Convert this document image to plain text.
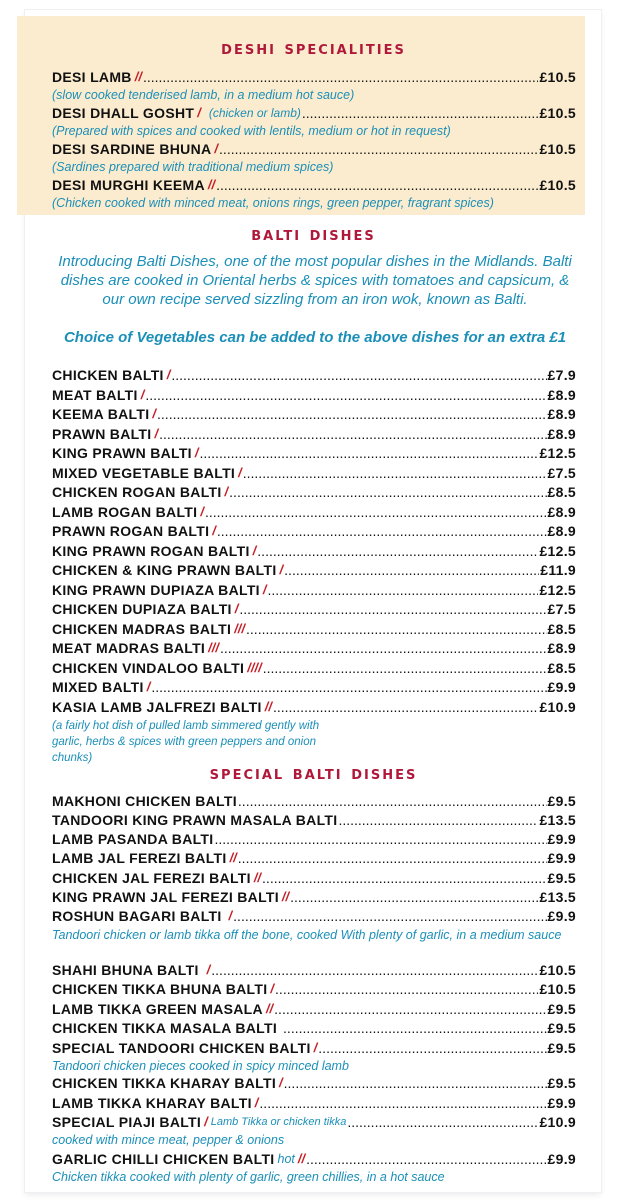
deshi specialities
DESI LAMB // .....	£10.5
(slow cooked tenderised lamb, in a medium hot sauce)
DESI DHALL GOSHT / (chicken or lamb) .....	£10.5
(Prepared with spices and cooked with lentils, medium or hot in request)
DESI SARDINE BHUNA / .....	£10.5
(Sardines prepared with traditional medium spices)
DESI MURGHI KEEMA // .....	£10.5
(Chicken cooked with minced meat, onions rings, green pepper, fragrant spices)
balti dishes
Introducing Balti Dishes, one of the most popular dishes in the Midlands. Balti dishes are cooked in Oriental herbs & spices with tomatoes and capsicum, & our own recipe served sizzling from an iron wok, known as Balti.
Choice of Vegetables can be added to the above dishes for an extra £1
CHICKEN BALTI / .....	£7.9
MEAT BALTI / .....	£8.9
KEEMA BALTI / .....	£8.9
PRAWN BALTI / .....	£8.9
KING PRAWN BALTI / .....	£12.5
MIXED VEGETABLE BALTI / .....	£7.5
CHICKEN ROGAN BALTI / .....	£8.5
LAMB ROGAN BALTI / .....	£8.9
PRAWN ROGAN BALTI / .....	£8.9
KING PRAWN ROGAN BALTI / .....	£12.5
CHICKEN & KING PRAWN BALTI / .....	£11.9
KING PRAWN DUPIAZA BALTI / .....	£12.5
CHICKEN DUPIAZA BALTI / .....	£7.5
CHICKEN MADRAS BALTI /// .....	£8.5
MEAT MADRAS BALTI /// .....	£8.9
CHICKEN VINDALOO BALTI //// .....	£8.5
MIXED BALTI / .....	£9.9
KASIA LAMB JALFREZI BALTI // .....	£10.9
(a fairly hot dish of pulled lamb simmered gently with garlic, herbs & spices with green peppers and onion chunks)
special balti dishes
MAKHONI CHICKEN BALTI .....	£9.5
TANDOORI KING PRAWN MASALA BALTI .....	£13.5
LAMB PASANDA BALTI .....	£9.9
LAMB JAL FEREZI BALTI // .....	£9.9
CHICKEN JAL FEREZI BALTI // .....	£9.5
KING PRAWN JAL FEREZI BALTI // .....	£13.5
ROSHUN BAGARI BALTI / .....	£9.9
Tandoori chicken or lamb tikka off the bone, cooked With plenty of garlic, in a medium sauce
SHAHI BHUNA BALTI / .....	£10.5
CHICKEN TIKKA BHUNA BALTI / .....	£10.5
LAMB TIKKA GREEN MASALA // .....	£9.5
CHICKEN TIKKA MASALA BALTI .....	£9.5
SPECIAL TANDOORI CHICKEN BALTI / .....	£9.5
Tandoori chicken pieces cooked in spicy minced lamb
CHICKEN TIKKA KHARAY BALTI / .....	£9.5
LAMB TIKKA KHARAY BALTI / .....	£9.9
SPECIAL PIAJI BALTI / Lamb Tikka or chicken tikka .....	£10.9
cooked with mince meat, pepper & onions
GARLIC CHILLI CHICKEN BALTI hot // .....	£9.9
Chicken tikka cooked with plenty of garlic, green chillies, in a hot sauce
